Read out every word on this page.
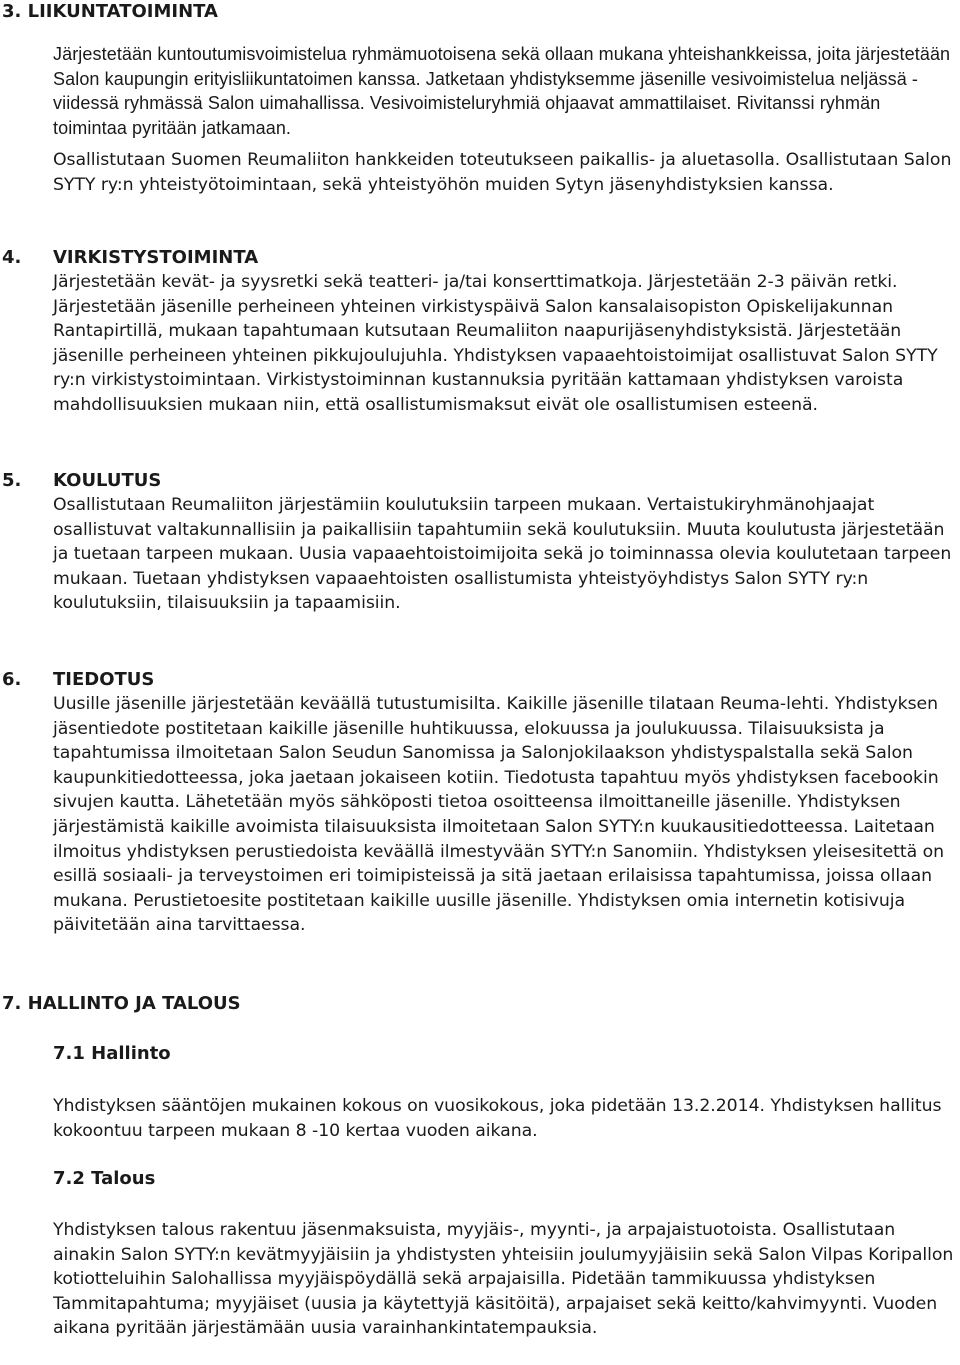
3. LIIKUNTATOIMINTA

Järjestetään kuntoutumisvoimistelua ryhmämuotoisena sekä ollaan mukana yhteishankkeissa, joita järjestetään Salon kaupungin erityisliikuntatoimen kanssa. Jatketaan yhdistyksemme jäsenille vesivoimistelua neljässä - viidessä ryhmässä Salon uimahallissa. Vesivoimisteluryhmiä ohjaavat ammattilaiset. Rivitanssi ryhmän toimintaa pyritään jatkamaan.

Osallistutaan Suomen Reumaliiton hankkeiden toteutukseen paikallis- ja aluetasolla. Osallistutaan Salon SYTY ry:n yhteistyötoimintaan, sekä yhteistyöhön muiden Sytyn jäsenyhdistyksien kanssa.

4. VIRKISTYSTOIMINTA

Järjestetään kevät- ja syysretki sekä teatteri- ja/tai konserttimatkoja. Järjestetään 2-3 päivän retki. Järjestetään jäsenille perheineen yhteinen virkistyspäivä Salon kansalaisopiston Opiskelijakunnan Rantapirtillä, mukaan tapahtumaan kutsutaan Reumaliiton naapurijäsenyhdistyksistä. Järjestetään jäsenille perheineen yhteinen pikkujoulujuhla. Yhdistyksen vapaaehtoistoimijat osallistuvat Salon SYTY ry:n virkistystoimintaan. Virkistystoiminnan kustannuksia pyritään kattamaan yhdistyksen varoista mahdollisuuksien mukaan niin, että osallistumismaksut eivät ole osallistumisen esteenä.

5. KOULUTUS

Osallistutaan Reumaliiton järjestämiin koulutuksiin tarpeen mukaan. Vertaistukiryhmänohjaajat osallistuvat valtakunnallisiin ja paikallisiin tapahtumiin sekä koulutuksiin. Muuta koulutusta järjestetään ja tuetaan tarpeen mukaan. Uusia vapaaehtoistoimijoita sekä jo toiminnassa olevia koulutetaan tarpeen mukaan. Tuetaan yhdistyksen vapaaehtoisten osallistumista yhteistyöyhdistys Salon SYTY ry:n koulutuksiin, tilaisuuksiin ja tapaamisiin.

6. TIEDOTUS

Uusille jäsenille järjestetään keväällä tutustumisilta. Kaikille jäsenille tilataan Reuma-lehti. Yhdistyksen jäsentiedote postitetaan kaikille jäsenille huhtikuussa, elokuussa ja joulukuussa. Tilaisuuksista ja tapahtumissa ilmoitetaan Salon Seudun Sanomissa ja Salonjokilaakson yhdistyspalstalla sekä Salon kaupunkitiedotteessa, joka jaetaan jokaiseen kotiin. Tiedotusta tapahtuu myös yhdistyksen facebookin sivujen kautta. Lähetetään myös sähköposti tietoa osoitteensa ilmoittaneille jäsenille. Yhdistyksen järjestämistä kaikille avoimista tilaisuuksista ilmoitetaan Salon SYTY:n kuukausitiedotteessa. Laitetaan ilmoitus yhdistyksen perustiedoista keväällä ilmestyvään SYTY:n Sanomiin. Yhdistyksen yleisesitettä on esillä sosiaali- ja terveystoimen eri toimipisteissä ja sitä jaetaan erilaisissa tapahtumissa, joissa ollaan mukana. Perustietoesite postitetaan kaikille uusille jäsenille. Yhdistyksen omia internetin kotisivuja päivitetään aina tarvittaessa.

7. HALLINTO JA TALOUS
7.1 Hallinto

Yhdistyksen sääntöjen mukainen kokous on vuosikokous, joka pidetään 13.2.2014. Yhdistyksen hallitus kokoontuu tarpeen mukaan 8 -10 kertaa vuoden aikana.

7.2 Talous

Yhdistyksen talous rakentuu jäsenmaksuista, myyjäis-, myynti-, ja arpajaistuotoista. Osallistutaan ainakin Salon SYTY:n kevätmyyjäisiin ja yhdistysten yhteisiin joulumyyjäisiin sekä Salon Vilpas Koripallon kotiotteluihin Salohallissa myyjäispöydällä sekä arpajaisilla. Pidetään tammikuussa yhdistyksen Tammitapahtuma; myyjäiset (uusia ja käytettyjä käsitöitä), arpajaiset sekä keitto/kahvimyynti. Vuoden aikana pyritään järjestämään uusia varainhankintatempauksia.
